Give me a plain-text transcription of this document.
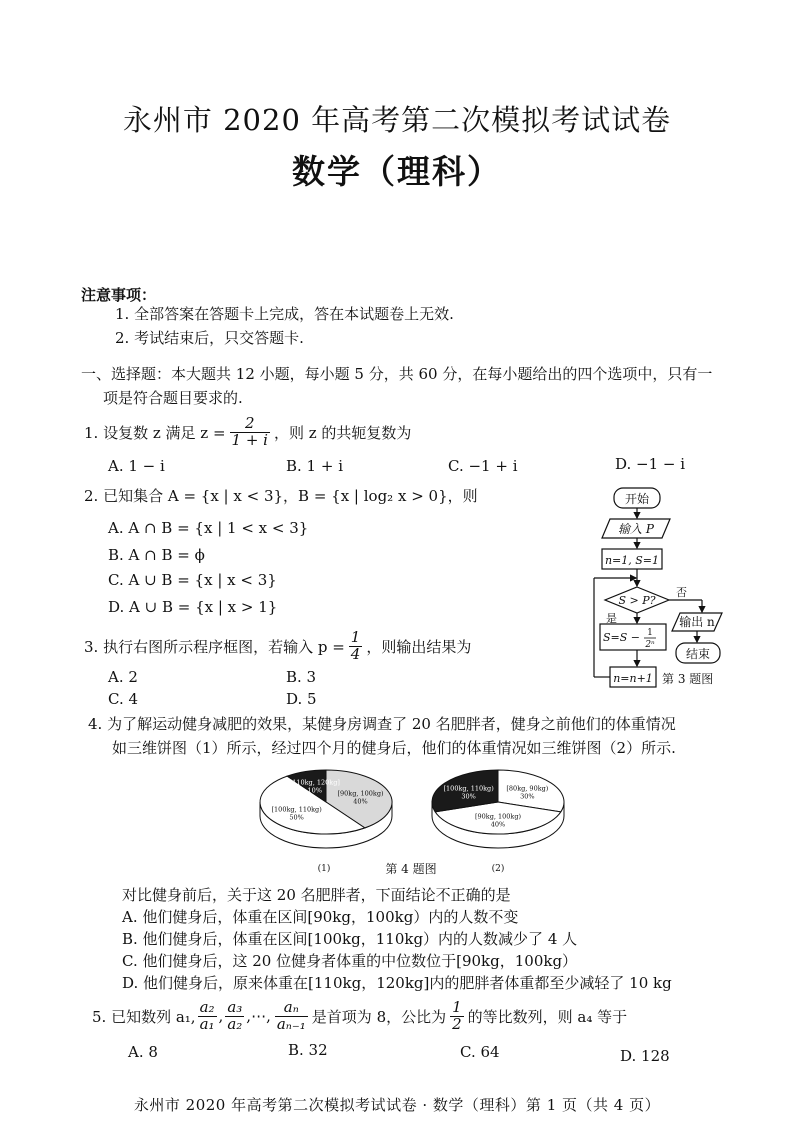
永州市 2020 年高考第二次模拟考试试卷
数学（理科）
注意事项：
1. 全部答案在答题卡上完成，答在本试题卷上无效.
2. 考试结束后，只交答题卡.
一、选择题：本大题共 12 小题，每小题 5 分，共 60 分，在每小题给出的四个选项中，只有一
项是符合题目要求的.
1. 设复数 z 满足 $z = \frac{2}{1 + i}$ ，则 z 的共轭复数为
A. 1 − i	B. 1 + i	C. −1 + i	D. −1 − i
2. 已知集合 A = {x | x < 3}，B = {x | log₂ x > 0}，则
A. A ∩ B = {x | 1 < x < 3}
B. A ∩ B = ϕ
C. A ∪ B = {x | x < 3}
D. A ∪ B = {x | x > 1}
3. 执行右图所示程序框图，若输入 $p = \frac{1}{4}$ ，则输出结果为
A. 2	B. 3
C. 4	D. 5
开始
输入 P
n=1, S=1
S > P?
否
是
S=S − 1
2ⁿ
输出 n
结束
n=n+1 第 3 题图
4. 为了解运动健身减肥的效果，某健身房调查了 20 名肥胖者，健身之前他们的体重情况
如三维饼图（1）所示，经过四个月的健身后，他们的体重情况如三维饼图（2）所示.
[90kg, 100kg)
40%
[100kg, 110kg)
50%
[110kg, 120kg]
10%	[80kg, 90kg)
30%
[90kg, 100kg)
40%
[100kg, 110kg)
30%
(1)	(2)
第 4 题图
对比健身前后，关于这 20 名肥胖者，下面结论不正确的是
A. 他们健身后，体重在区间[90kg，100kg）内的人数不变
B. 他们健身后，体重在区间[100kg，110kg）内的人数减少了 4 人
C. 他们健身后，这 20 位健身者体重的中位数位于[90kg，100kg）
D. 他们健身后，原来体重在[110kg，120kg]内的肥胖者体重都至少减轻了 10 kg
5. 已知数列 a₁, $\frac{\text{a₂}}{\text{a₁}}$ , $\frac{\text{a₃}}{\text{a₂}}$ ,⋯, $\frac{\text{aₙ}}{\text{aₙ₋₁}}$ 是首项为 8，公比为 $\frac{1}{2}$ 的等比数列，则 a₄ 等于
A. 8	B. 32	C. 64	D. 128
永州市 2020 年高考第二次模拟考试试卷 · 数学（理科）第 1 页（共 4 页）
